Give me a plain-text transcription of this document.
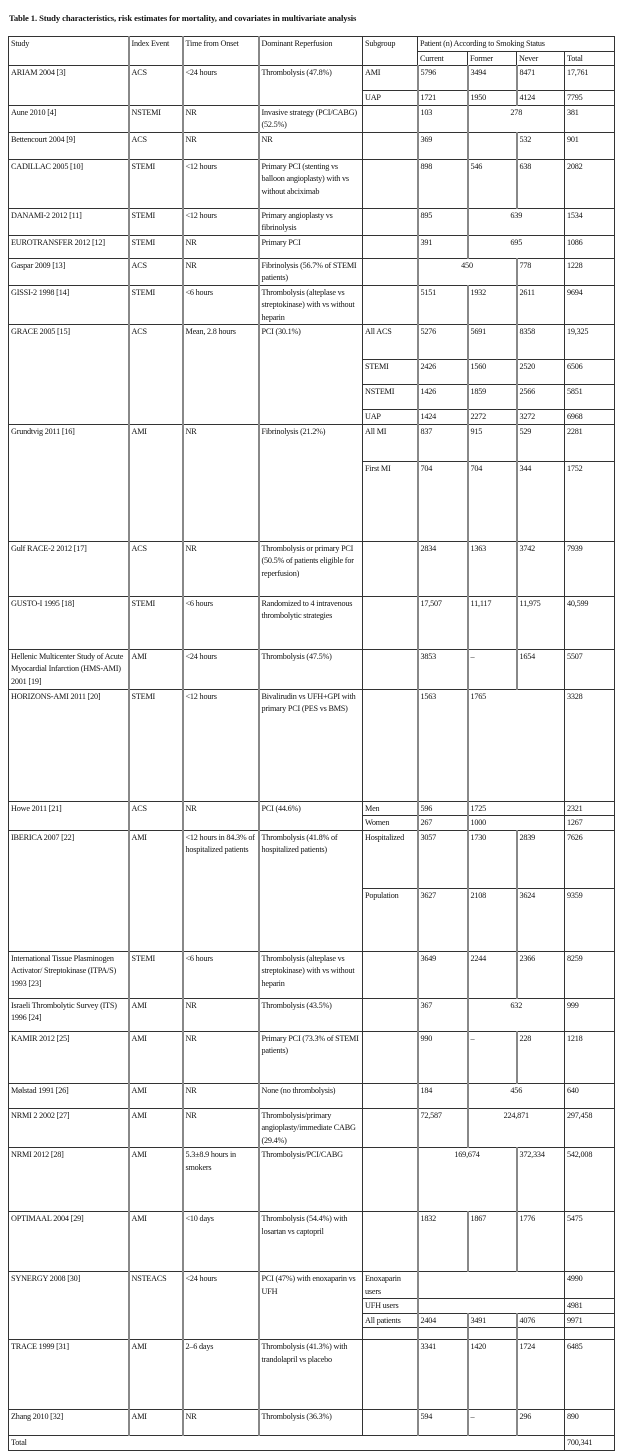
Table 1. Study characteristics, risk estimates for mortality, and covariates in multivariate analysis
Study	Index Event	Time from Onset	Dominant Reperfusion	Subgroup	Patient (n) According to Smoking Status			
					Current	Former	Never	Total
ARIAM 2004 [3]	ACS	<24 hours	Thrombolysis (47.8%)	AMI	5796	3494	8471	17,761
				UAP	1721	1950	4124	7795
Aune 2010 [4]	NSTEMI	NR	Invasive strategy (PCI/CABG) (52.5%)		103	278		381
Bettencourt 2004 [9]	ACS	NR	NR		369		532	901
CADILLAC 2005 [10]	STEMI	<12 hours	Primary PCI (stenting vs balloon angioplasty) with vs without abciximab		898	546	638	2082
DANAMI-2 2012 [11]	STEMI	<12 hours	Primary angioplasty vs fibrinolysis		895	639		1534
EUROTRANSFER 2012 [12]	STEMI	NR	Primary PCI		391	695		1086
Gaspar 2009 [13]	ACS	NR	Fibrinolysis (56.7% of STEMI patients)		450		778	1228
GISSI-2 1998 [14]	STEMI	<6 hours	Thrombolysis (alteplase vs streptokinase) with vs without heparin		5151	1932	2611	9694
GRACE 2005 [15]	ACS	Mean, 2.8 hours	PCI (30.1%)	All ACS	5276	5691	8358	19,325
				STEMI	2426	1560	2520	6506
				NSTEMI	1426	1859	2566	5851
				UAP	1424	2272	3272	6968
Grundtvig 2011 [16]	AMI	NR	Fibrinolysis (21.2%)	All MI	837	915	529	2281
				First MI	704	704	344	1752
Gulf RACE-2 2012 [17]	ACS	NR	Thrombolysis or primary PCI (50.5% of patients eligible for reperfusion)		2834	1363	3742	7939
GUSTO-I 1995 [18]	STEMI	<6 hours	Randomized to 4 intravenous thrombolytic strategies		17,507	11,117	11,975	40,599
Hellenic Multicenter Study of Acute Myocardial Infarction (HMS-AMI) 2001 [19]	AMI	<24 hours	Thrombolysis (47.5%)		3853	–	1654	5507
HORIZONS-AMI 2011 [20]	STEMI	<12 hours	Bivalirudin vs UFH+GPI with primary PCI (PES vs BMS)		1563	1765		3328
Howe 2011 [21]	ACS	NR	PCI (44.6%)	Men	596	1725		2321
				Women	267	1000		1267
IBERICA 2007 [22]	AMI	<12 hours in 84.3% of hospitalized patients	Thrombolysis (41.8% of hospitalized patients)	Hospitalized	3057	1730	2839	7626
				Population	3627	2108	3624	9359
International Tissue Plasminogen Activator/ Streptokinase (ITPA/S) 1993 [23]	STEMI	<6 hours	Thrombolysis (alteplase vs streptokinase) with vs without heparin		3649	2244	2366	8259
Israeli Thrombolytic Survey (ITS) 1996 [24]	AMI	NR	Thrombolysis (43.5%)		367	632		999
KAMIR 2012 [25]	AMI	NR	Primary PCI (73.3% of STEMI patients)		990	–	228	1218
Mølstad 1991 [26]	AMI	NR	None (no thrombolysis)		184	456		640
NRMI 2 2002 [27]	AMI	NR	Thrombolysis/primary angioplasty/immediate CABG (29.4%)		72,587	224,871		297,458
NRMI 2012 [28]	AMI	5.3±8.9 hours in smokers	Thrombolysis/PCI/CABG		169,674		372,334	542,008
OPTIMAAL 2004 [29]	AMI	<10 days	Thrombolysis (54.4%) with losartan vs captopril		1832	1867	1776	5475
SYNERGY 2008 [30]	NSTEACS	<24 hours	PCI (47%) with enoxaparin vs UFH	Enoxaparin users				4990
				UFH users				4981
				All patients	2404	3491	4076	9971

TRACE 1999 [31]	AMI	2–6 days	Thrombolysis (41.3%) with trandolapril vs placebo		3341	1420	1724	6485
Zhang 2010 [32]	AMI	NR	Thrombolysis (36.3%)		594	–	296	890
Total								700,341
